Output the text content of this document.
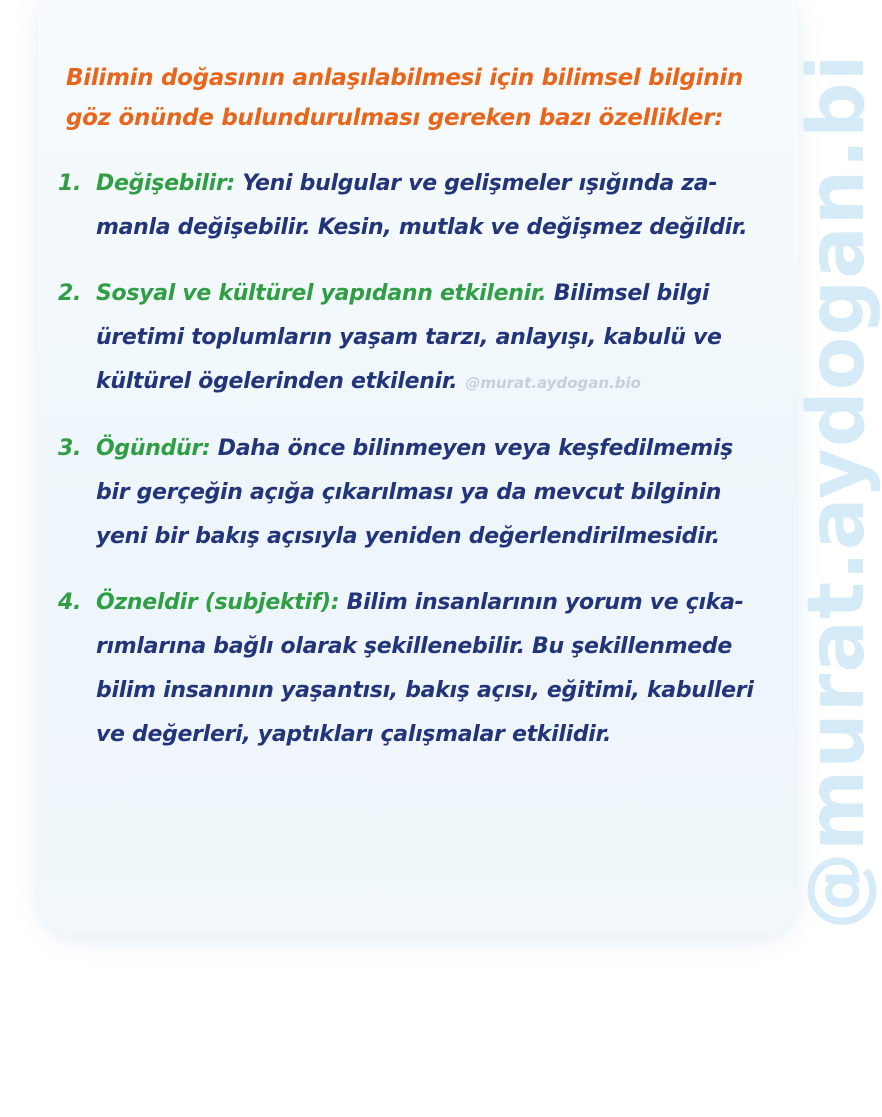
@murat.aydogan.bi
Bilimin doğasının anlaşılabilmesi için bilimsel bilginin
göz önünde bulundurulması gereken bazı özellikler:
1. Değişebilir: Yeni bulgular ve gelişmeler ışığında za-
manla değişebilir. Kesin, mutlak ve değişmez değildir.
2. Sosyal ve kültürel yapıdann etkilenir. Bilimsel bilgi
üretimi toplumların yaşam tarzı, anlayışı, kabulü ve
kültürel ögelerinden etkilenir. @murat.aydogan.bio
3. Ögündür: Daha önce bilinmeyen veya keşfedilmemiş
bir gerçeğin açığa çıkarılması ya da mevcut bilginin
yeni bir bakış açısıyla yeniden değerlendirilmesidir.
4. Özneldir (subjektif): Bilim insanlarının yorum ve çıka-
rımlarına bağlı olarak şekillenebilir. Bu şekillenmede
bilim insanının yaşantısı, bakış açısı, eğitimi, kabulleri
ve değerleri, yaptıkları çalışmalar etkilidir.
